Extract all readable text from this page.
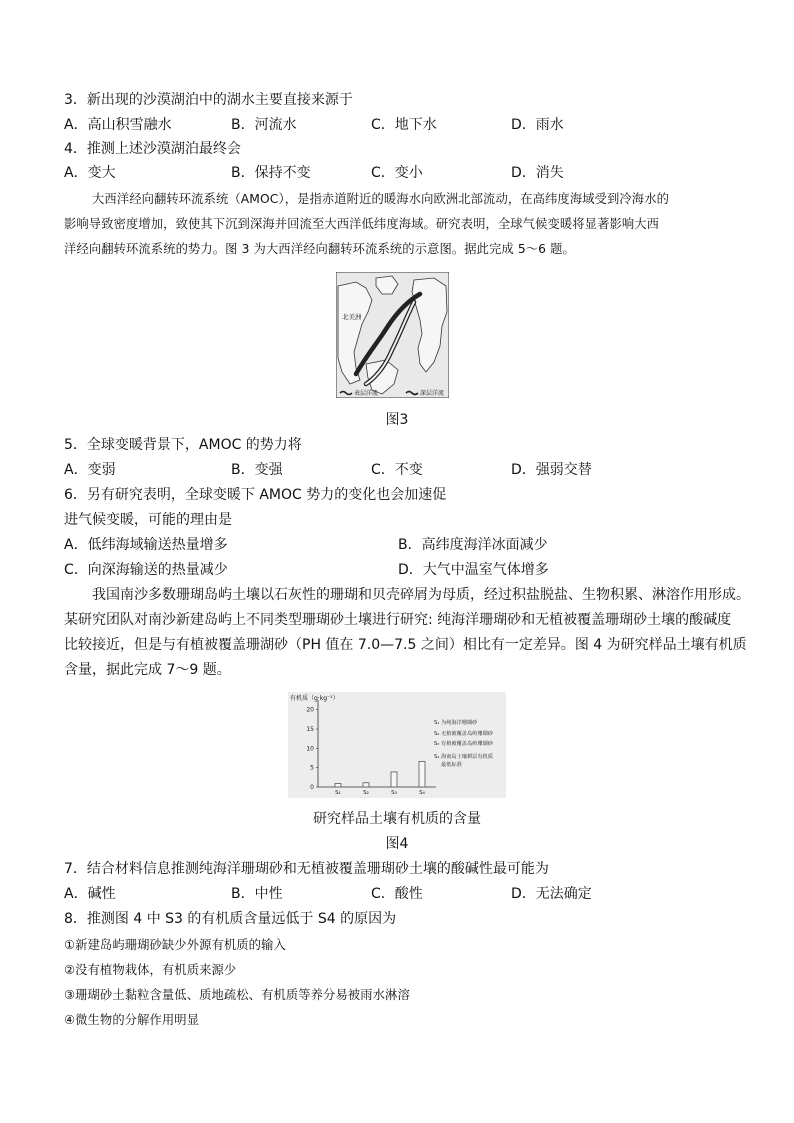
3．新出现的沙漠湖泊中的湖水主要直接来源于
A．高山积雪融水	B．河流水	C．地下水	D．雨水
4．推测上述沙漠湖泊最终会
A．变大	B．保持不变	C．变小	D．消失
大西洋经向翻转环流系统（AMOC），是指赤道附近的暖海水向欧洲北部流动，在高纬度海域受到冷海水的
影响导致密度增加，致使其下沉到深海并回流至大西洋低纬度海域。研究表明，全球气候变暖将显著影响大西
洋经向翻转环流系统的势力。图 3 为大西洋经向翻转环流系统的示意图。据此完成 5～6 题。
北美洲
表层洋流	深层洋流
图3
5．全球变暖背景下，AMOC 的势力将
A．变弱	B．变强	C．不变	D．强弱交替
6．另有研究表明，全球变暖下 AMOC 势力的变化也会加速促
进气候变暖，可能的理由是
A．低纬海域输送热量增多	B．高纬度海洋冰面减少
C．向深海输送的热量减少	D．大气中温室气体增多
我国南沙多数珊瑚岛屿土壤以石灰性的珊瑚和贝壳碎屑为母质，经过积盐脱盐、生物积累、淋溶作用形成。
某研究团队对南沙新建岛屿上不同类型珊瑚砂土壤进行研究: 纯海洋珊瑚砂和无植被覆盖珊瑚砂土壤的酸碱度
比较接近，但是与有植被覆盖珊湖砂（PH 值在 7.0—7.5 之间）相比有一定差异。图 4 为研究样品土壤有机质
含量，据此完成 7～9 题。
有机质（g·kg⁻¹）
0
5
10
15
20
S₁	S₂	S₃	S₄
S₁ 为纯海洋珊瑚砂
S₂ 无植被覆盖岛屿珊瑚砂
S₃ 有植被覆盖岛屿珊瑚砂
S₄ 海南岛土壤耕层有机质
最低标准
研究样品土壤有机质的含量
图4
7．结合材料信息推测纯海洋珊瑚砂和无植被覆盖珊瑚砂土壤的酸碱性最可能为
A．碱性	B．中性	C．酸性	D．无法确定
8．推测图 4 中 S3 的有机质含量远低于 S4 的原因为
①新建岛屿珊瑚砂缺少外源有机质的输入
②没有植物栽体，有机质来源少
③珊瑚砂土黏粒含量低、质地疏松、有机质等养分易被雨水淋溶
④微生物的分解作用明显
